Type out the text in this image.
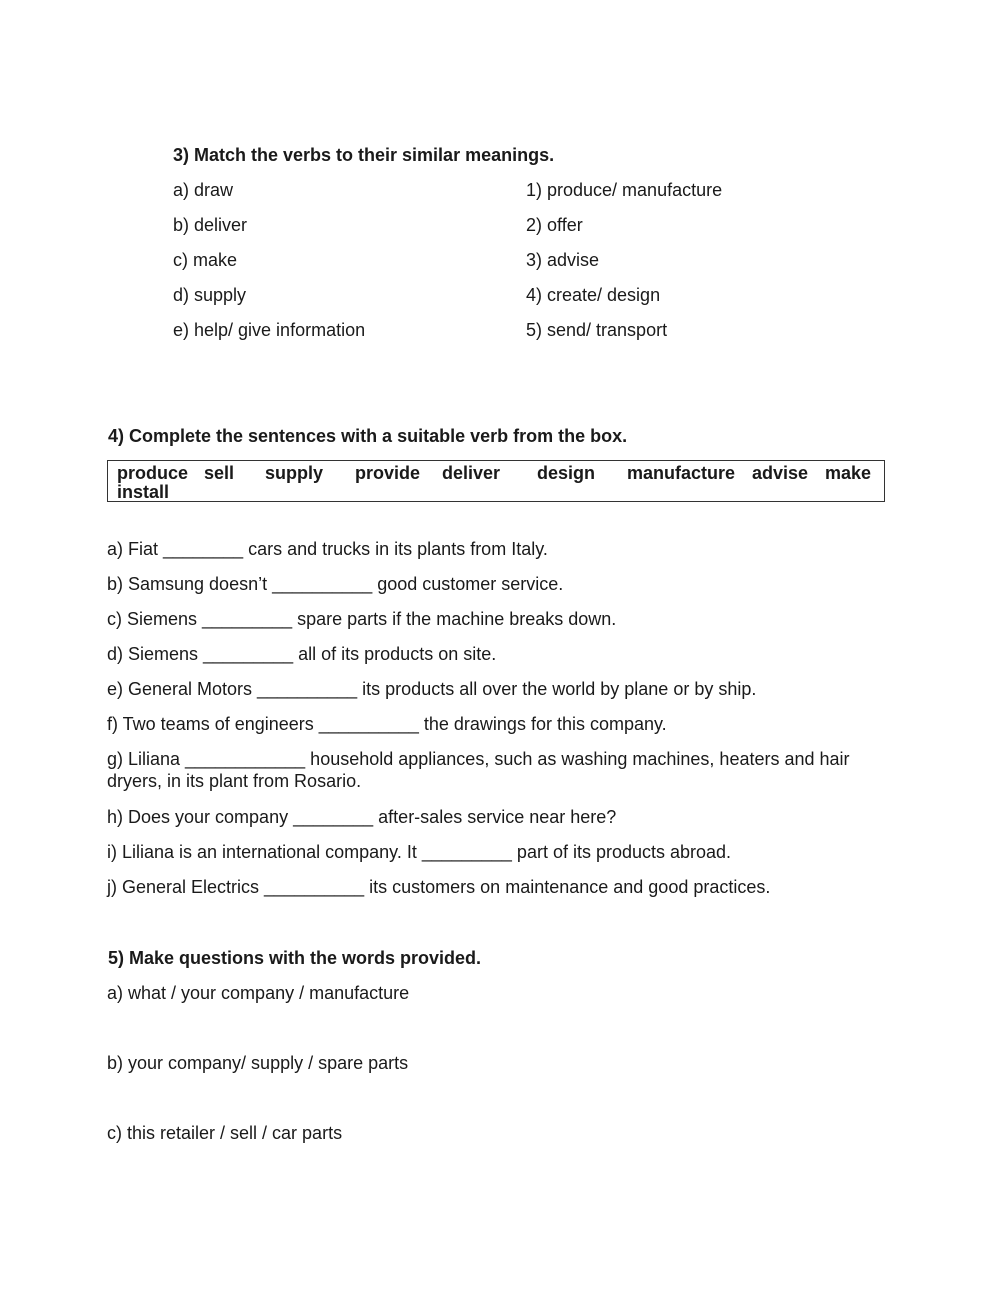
3) Match the verbs to their similar meanings.
a) draw
b) deliver
c) make
d) supply
e) help/ give information
1) produce/ manufacture
2) offer
3) advise
4) create/ design
5) send/ transport
4) Complete the sentences with a suitable verb from the box.
produce sell supply provide deliver design manufacture advise make
install
a) Fiat ________ cars and trucks in its plants from Italy.
b) Samsung doesn’t __________ good customer service.
c) Siemens _________ spare parts if the machine breaks down.
d) Siemens _________ all of its products on site.
e) General Motors __________ its products all over the world by plane or by ship.
f) Two teams of engineers __________ the drawings for this company.
g) Liliana ____________ household appliances, such as washing machines, heaters and hair dryers, in its plant from Rosario.
h) Does your company ________ after-sales service near here?
i) Liliana is an international company. It _________ part of its products abroad.
j) General Electrics __________ its customers on maintenance and good practices.
5) Make questions with the words provided.
a) what / your company / manufacture
b) your company/ supply / spare parts
c) this retailer / sell / car parts
